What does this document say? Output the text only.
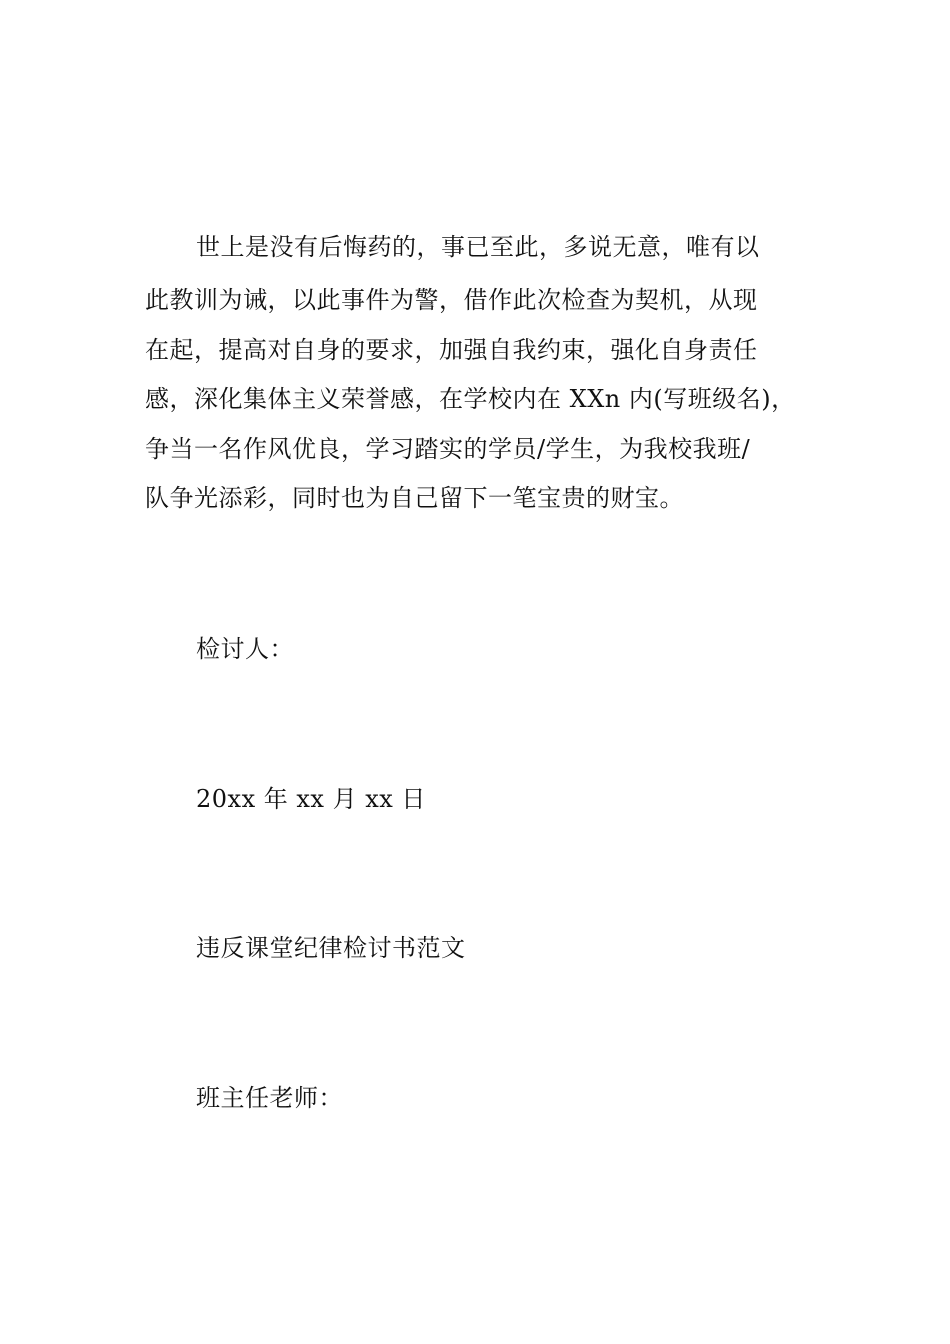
世上是没有后悔药的，事已至此，多说无意，唯有以
此教训为诫，以此事件为警，借作此次检查为契机，从现
在起，提高对自身的要求，加强自我约束，强化自身责任
感，深化集体主义荣誉感，在学校内在 XXn 内(写班级名)，
争当一名作风优良，学习踏实的学员/学生，为我校我班/
队争光添彩，同时也为自己留下一笔宝贵的财宝。
检讨人：
20xx 年 xx 月 xx 日
违反课堂纪律检讨书范文
班主任老师：
